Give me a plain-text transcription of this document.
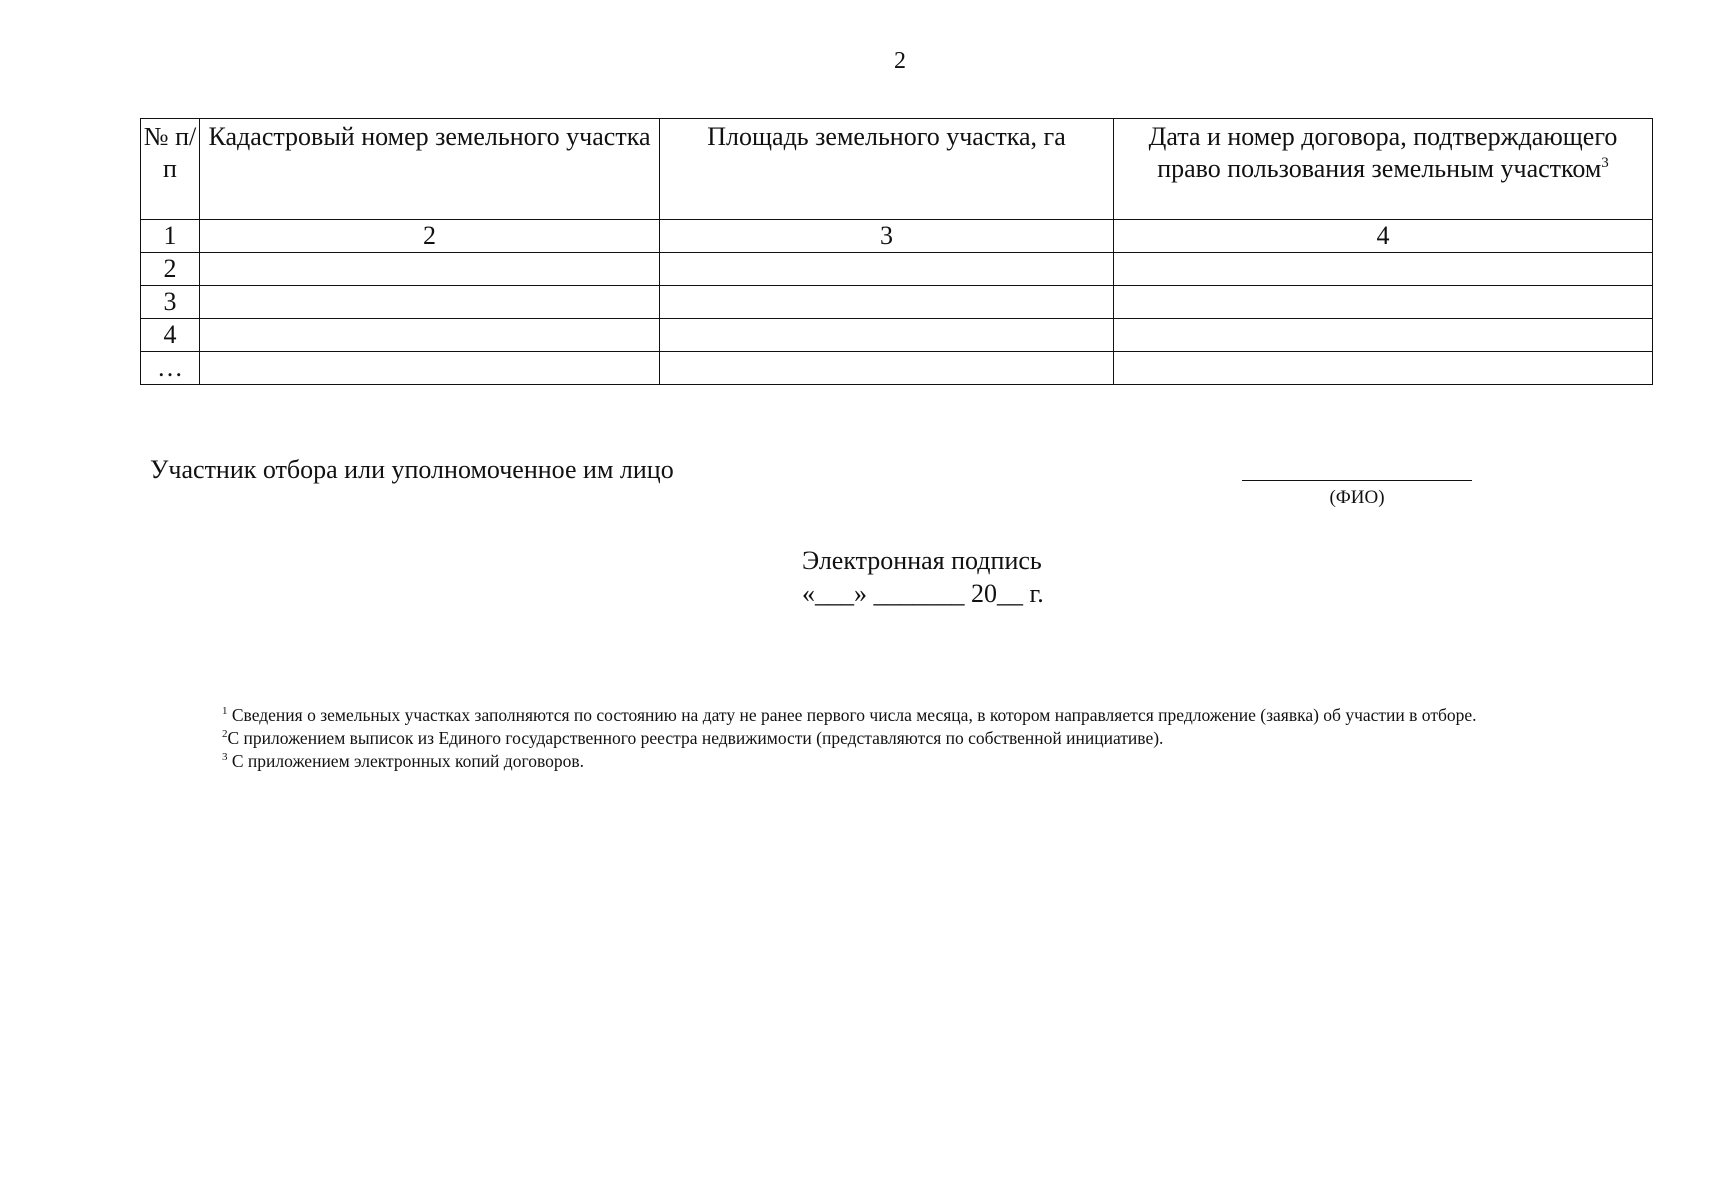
2
№ п/п	Кадастровый номер земельного участка	Площадь земельного участка, га	Дата и номер договора, подтверждающего право пользования земельным участком$^3$
1	2	3	4
2			
3			
4			
…			
Участник отбора или уполномоченное им лицо
(ФИО)
Электронная подпись
«___» _______ 20__ г.

$^1$ Сведения о земельных участках заполняются по состоянию на дату не ранее первого числа месяца, в котором направляется предложение (заявка) об участии в отборе.

$^2$С приложением выписок из Единого государственного реестра недвижимости (представляются по собственной инициативе).

$^3$ С приложением электронных копий договоров.
